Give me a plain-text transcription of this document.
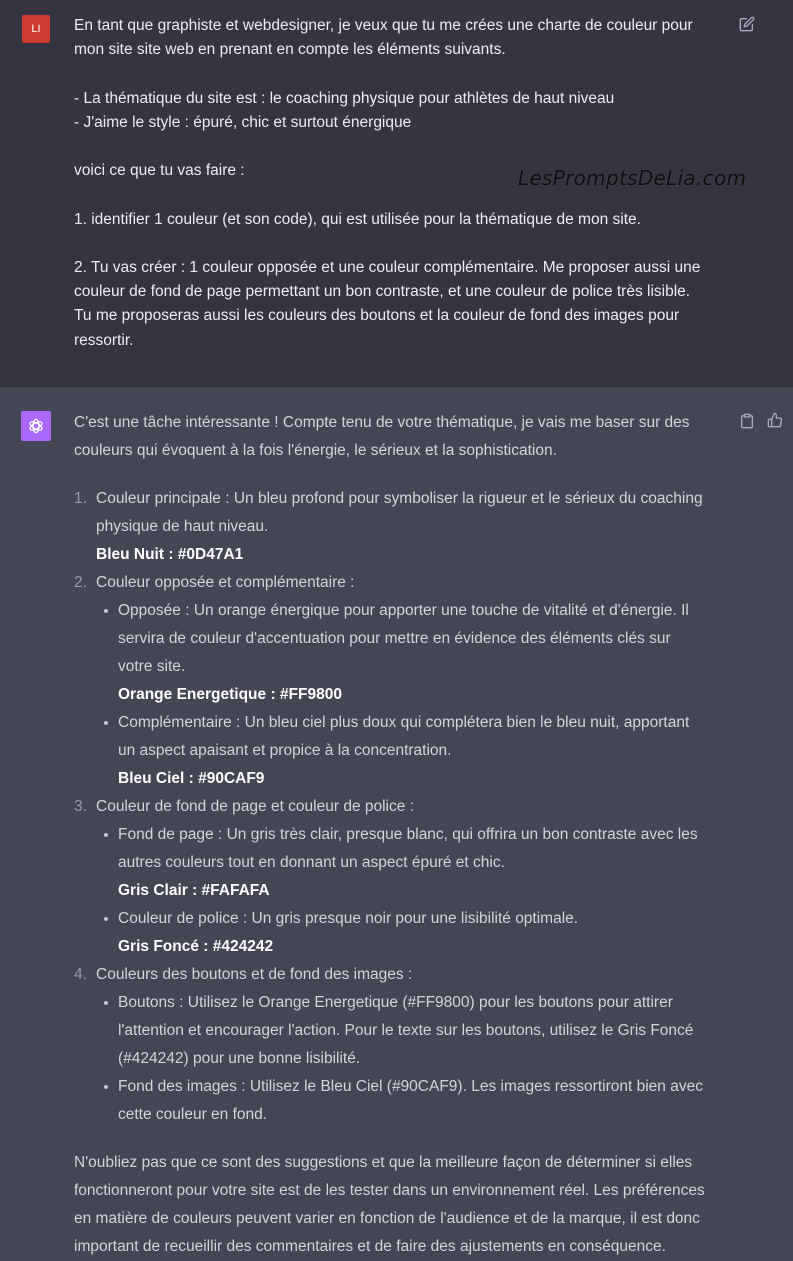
LI	En tant que graphiste et webdesigner, je veux que tu me crées une charte de couleur pour

mon site site web en prenant en compte les éléments suivants.

- La thématique du site est : le coaching physique pour athlètes de haut niveau

- J'aime le style : épuré, chic et surtout énergique

voici ce que tu vas faire :

1. identifier 1 couleur (et son code), qui est utilisée pour la thématique de mon site.

2. Tu vas créer : 1 couleur opposée et une couleur complémentaire. Me proposer aussi une

couleur de fond de page permettant un bon contraste, et une couleur de police très lisible.

Tu me proposeras aussi les couleurs des boutons et la couleur de fond des images pour

ressortir.

LesPromptsDeLia.com

C'est une tâche intéressante ! Compte tenu de votre thématique, je vais me baser sur des

couleurs qui évoquent à la fois l'énergie, le sérieux et la sophistication.

1. Couleur principale : Un bleu profond pour symboliser la rigueur et le sérieux du coaching

physique de haut niveau.

Bleu Nuit : #0D47A1

2. Couleur opposée et complémentaire :

Opposée : Un orange énergique pour apporter une touche de vitalité et d'énergie. Il

servira de couleur d'accentuation pour mettre en évidence des éléments clés sur

votre site.

Orange Energetique : #FF9800

Complémentaire : Un bleu ciel plus doux qui complétera bien le bleu nuit, apportant

un aspect apaisant et propice à la concentration.

Bleu Ciel : #90CAF9

3. Couleur de fond de page et couleur de police :

Fond de page : Un gris très clair, presque blanc, qui offrira un bon contraste avec les

autres couleurs tout en donnant un aspect épuré et chic.

Gris Clair : #FAFAFA

Couleur de police : Un gris presque noir pour une lisibilité optimale.

Gris Foncé : #424242

4. Couleurs des boutons et de fond des images :

Boutons : Utilisez le Orange Energetique (#FF9800) pour les boutons pour attirer

l'attention et encourager l'action. Pour le texte sur les boutons, utilisez le Gris Foncé

(#424242) pour une bonne lisibilité.

Fond des images : Utilisez le Bleu Ciel (#90CAF9). Les images ressortiront bien avec

cette couleur en fond.

N'oubliez pas que ce sont des suggestions et que la meilleure façon de déterminer si elles

fonctionneront pour votre site est de les tester dans un environnement réel. Les préférences

en matière de couleurs peuvent varier en fonction de l'audience et de la marque, il est donc

important de recueillir des commentaires et de faire des ajustements en conséquence.
